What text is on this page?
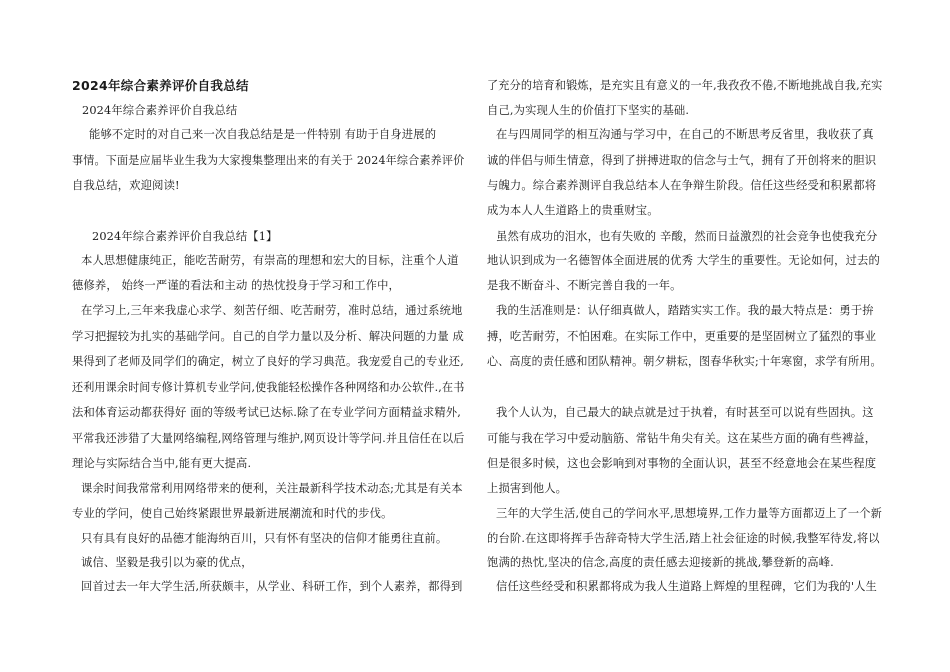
2024年综合素养评价自我总结
2024年综合素养评价自我总结
能够不定时的对自己来一次自我总结是是一件特别 有助于自身进展的
事情。下面是应届毕业生我为大家搜集整理出来的有关于 2024年综合素养评价
自我总结，欢迎阅读!
2024年综合素养评价自我总结【1】
本人思想健康纯正，能吃苦耐劳，有崇高的理想和宏大的目标，注重个人道
德修养， 始终一严谨的看法和主动 的热忱投身于学习和工作中，
在学习上,三年来我虚心求学、刻苦仔细、吃苦耐劳，准时总结，通过系统地
学习把握较为扎实的基础学问。自己的自学力量以及分析、解决问题的力量 成
果得到了老师及同学们的确定，树立了良好的学习典范。我宠爱自己的专业还,
还利用课余时间专修计算机专业学问,使我能轻松操作各种网络和办公软件.,在书
法和体育运动都获得好 面的等级考试已达标.除了在专业学问方面精益求精外,
平常我还涉猎了大量网络编程,网络管理与维护,网页设计等学问.并且信任在以后
理论与实际结合当中,能有更大提高.
课余时间我常常利用网络带来的便利，关注最新科学技术动态;尤其是有关本
专业的学问，使自己始终紧跟世界最新进展潮流和时代的步伐。
只有具有良好的品德才能海纳百川，只有怀有坚决的信仰才能勇往直前。
诚信、坚毅是我引以为豪的优点，
回首过去一年大学生活,所获颇丰，从学业、科研工作，到个人素养，都得到
了充分的培育和锻炼，是充实且有意义的一年,我孜孜不倦,不断地挑战自我,充实
自己,为实现人生的价值打下坚实的基础.
在与四周同学的相互沟通与学习中，在自己的不断思考反省里，我收获了真
诚的伴侣与师生情意，得到了拼搏进取的信念与士气，拥有了开创将来的胆识
与魄力。综合素养测评自我总结本人在争辩生阶段。信任这些经受和积累都将
成为本人人生道路上的贵重财宝。
虽然有成功的泪水，也有失败的 辛酸，然而日益激烈的社会竞争也使我充分
地认识到成为一名德智体全面进展的优秀 大学生的重要性。无论如何，过去的
是我不断奋斗、不断完善自我的一年。
我的生活准则是：认仔细真做人，踏踏实实工作。我的最大特点是：勇于拚
搏，吃苦耐劳，不怕困难。在实际工作中，更重要的是坚固树立了猛烈的事业
心、高度的责任感和团队精神。朝夕耕耘，图春华秋实;十年寒窗，求学有所用。
我个人认为，自己最大的缺点就是过于执着，有时甚至可以说有些固执。这
可能与我在学习中爱动脑筋、常钻牛角尖有关。这在某些方面的确有些裨益，
但是很多时候，这也会影响到对事物的全面认识，甚至不经意地会在某些程度
上损害到他人。
三年的大学生活,使自己的学问水平,思想境界,工作力量等方面都迈上了一个新
的台阶.在这即将挥手告辞奇特大学生活,踏上社会征途的时候,我整军待发,将以
饱满的热忱,坚决的信念,高度的责任感去迎接新的挑战,攀登新的高峰.
信任这些经受和积累都将成为我人生道路上辉煌的里程碑，它们为我的'人生
